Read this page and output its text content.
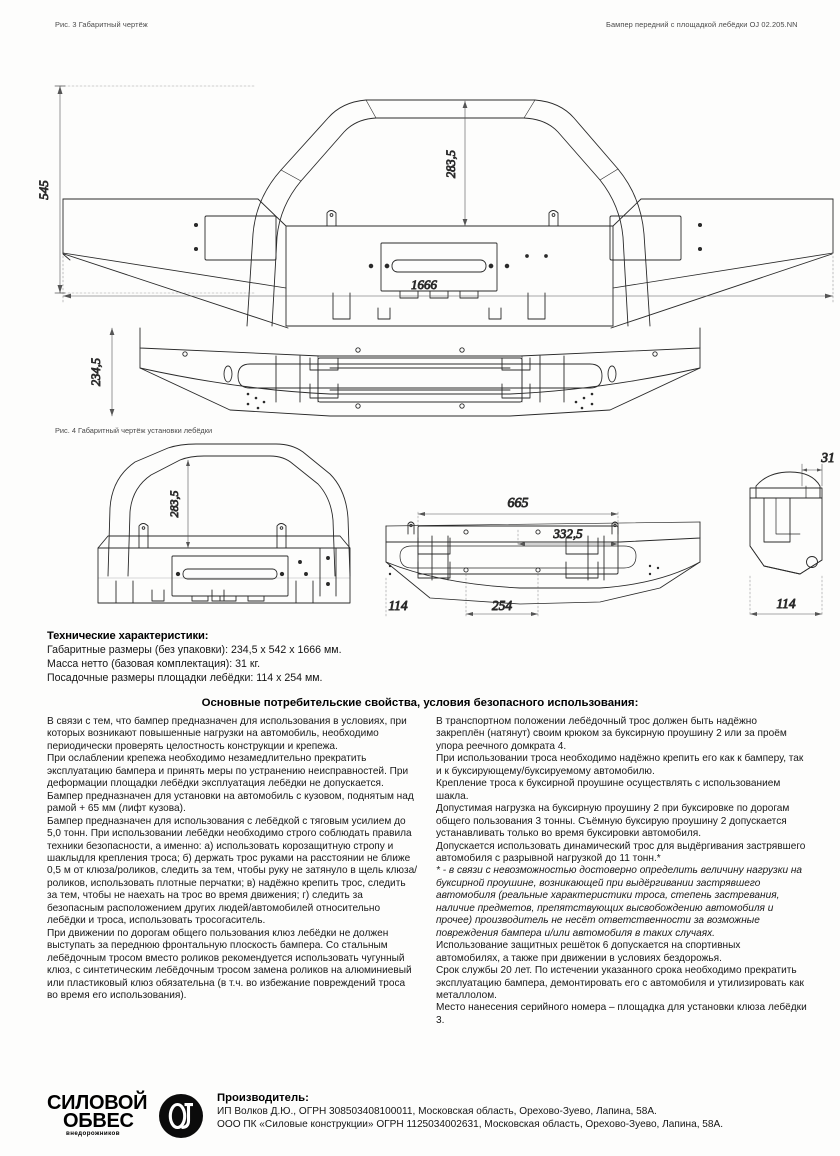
Рис. 3 Габаритный чертёж	Бампер передний с площадкой лебёдки OJ 02.205.NN
545
283,5
1666
234,5
Рис. 4 Габаритный чертёж установки лебёдки
283,5	665
332,5
254
114
31
114
Технические характеристики:
Габаритные размеры (без упаковки): 234,5 х 542 х 1666 мм.
Масса нетто (базовая комплектация): 31 кг.
Посадочные размеры площадки лебёдки: 114 х 254 мм.
Основные потребительские свойства, условия безопасного использования:

В связи с тем, что бампер предназначен для использования в условиях, при которых возникают повышенные нагрузки на автомобиль, необходимо периодически проверять целостность конструкции и крепежа.

При ослаблении крепежа необходимо незамедлительно прекратить эксплуатацию бампера и принять меры по устранению неисправностей. При деформации площадки лебёдки эксплуатация лебёдки не допускается.

Бампер предназначен для установки на автомобиль с кузовом, поднятым над рамой + 65 мм (лифт кузова).

Бампер предназначен для использования с лебёдкой с тяговым усилием до 5,0 тонн. При использовании лебёдки необходимо строго соблюдать правила техники безопасности, а именно: а) использовать корозащитную стропу и шаклыдля крепления троса; б) держать трос руками на расстоянии не ближе 0,5 м от клюза/роликов, следить за тем, чтобы руку не затянуло в щель клюза/роликов, использовать плотные перчатки; в) надёжно крепить трос, следить за тем, чтобы не наехать на трос во время движения; г) следить за безопасным расположением других людей/автомобилей относительно лебёдки и троса, использовать тросогаситель.

При движении по дорогам общего пользования клюз лебёдки не должен выступать за переднюю фронтальную плоскость бампера. Со стальным лебёдочным тросом вместо роликов рекомендуется использовать чугунный клюз, с синтетическим лебёдочным тросом замена роликов на алюминиевый или пластиковый клюз обязательна (в т.ч. во избежание повреждений троса во время его использования).

В транспортном положении лебёдочный трос должен быть надёжно закреплён (натянут) своим крюком за буксирную проушину 2 или за проём упора реечного домкрата 4.

При использовании троса необходимо надёжно крепить его как к бамперу, так и к буксирующему/буксируемому автомобилю.

Крепление троса к буксирной проушине осуществлять с использованием шакла.

Допустимая нагрузка на буксирную проушину 2 при буксировке по дорогам общего пользования 3 тонны. Съёмную буксирую проушину 2 допускается устанавливать только во время буксировки автомобиля.

Допускается использовать динамический трос для выдёргивания застрявшего автомобиля с разрывной нагрузкой до 11 тонн.*

* - в связи с невозможностью достоверно определить величину нагрузки на буксирной проушине, возникающей при выдёргивании застрявшего автомобиля (реальные характеристики троса, степень застревания, наличие предметов, препятствующих высвобождению автомобиля и прочее) производитель не несёт ответственности за возможные повреждения бампера и/или автомобиля в таких случаях.

Использование защитных решёток 6 допускается на спортивных автомобилях, а также при движении в условиях бездорожья.

Срок службы 20 лет. По истечении указанного срока необходимо прекратить эксплуатацию бампера, демонтировать его с автомобиля и утилизировать как металлолом.

Место нанесения серийного номера – площадка для установки клюза лебёдки 3.

СИЛОВОЙ
ОБВЕС
внедорожников
Производитель:
ИП Волков Д.Ю., ОГРН 308503408100011, Московская область, Орехово-Зуево, Лапина, 58А.
ООО ПК «Силовые конструкции» ОГРН 1125034002631, Московская область, Орехово-Зуево, Лапина, 58А.
